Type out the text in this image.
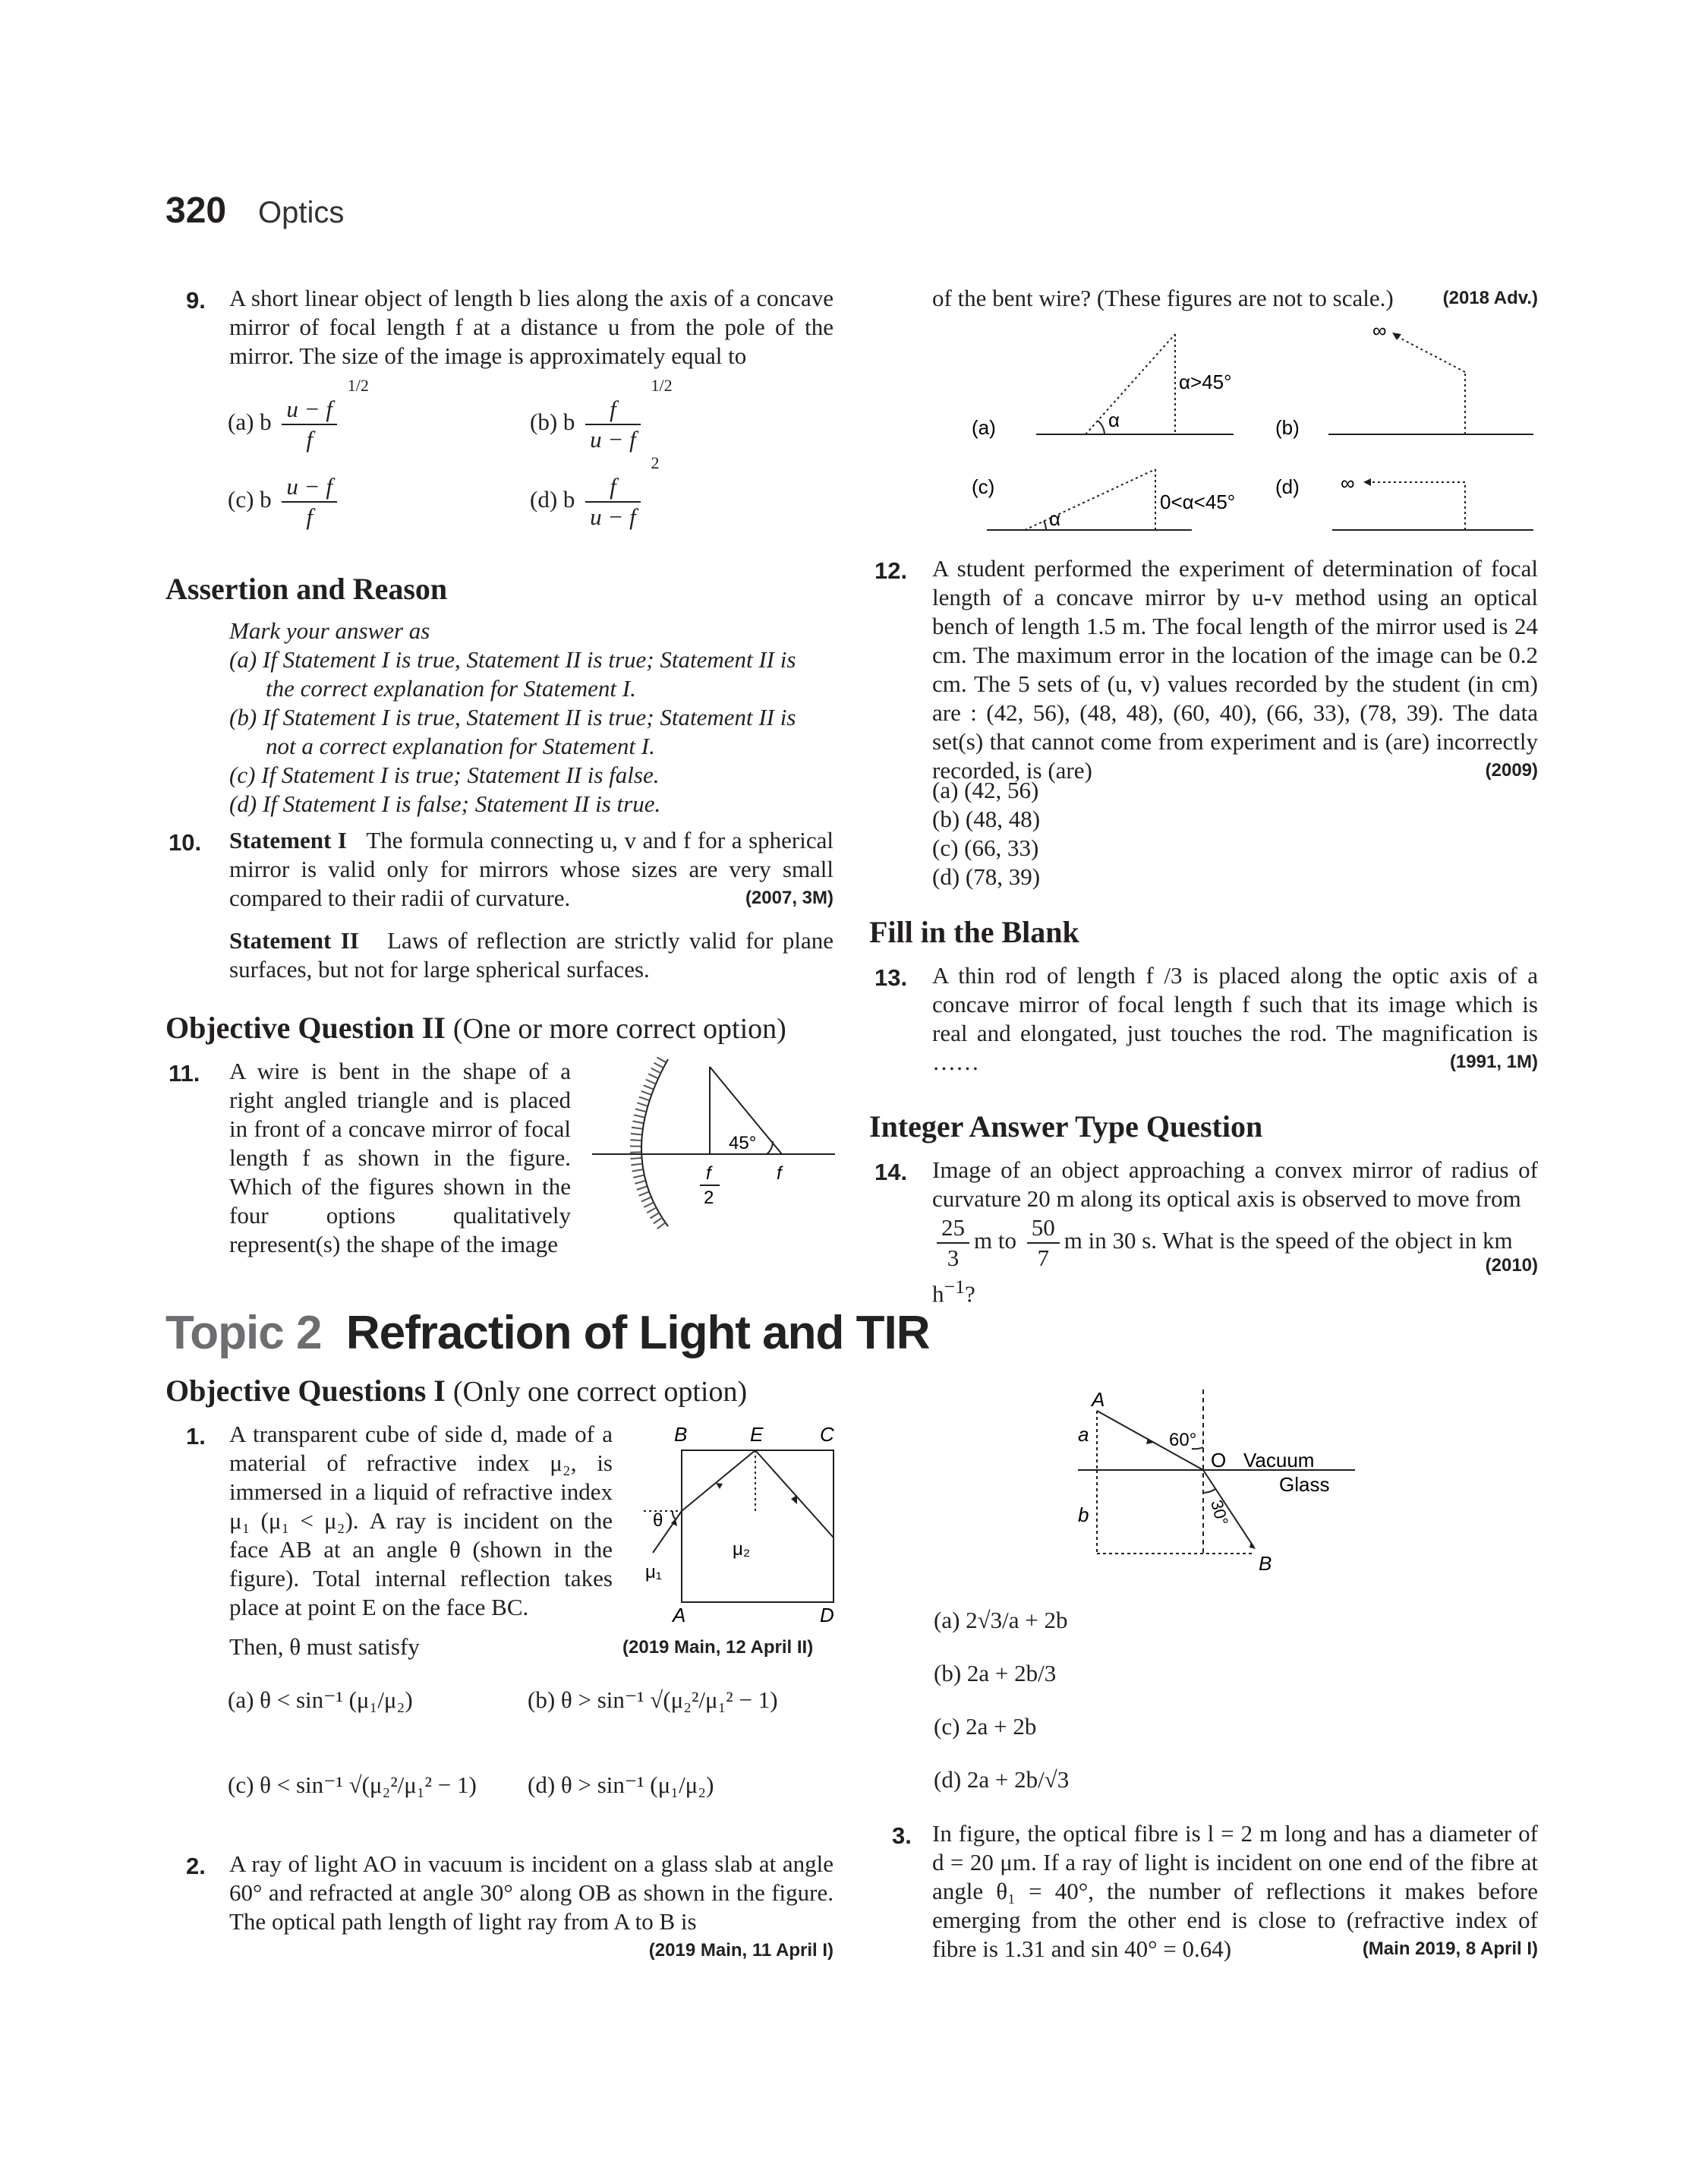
320 Optics
9. A short linear object of length b lies along the axis of a concave mirror of focal length f at a distance u from the pole of the mirror. The size of the image is approximately equal to
(a) b $\frac{u - f}{f}$
$^{1/2}$
(b) b $\frac{f}{u - f}$
$^{1/2}$
(c) b $\frac{u - f}{f}$	(d) b $\frac{f}{u - f}$
$^2$
Assertion and Reason
Mark your answer as
(a) If Statement I is true, Statement II is true; Statement II is
the correct explanation for Statement I.
(b) If Statement I is true, Statement II is true; Statement II is
not a correct explanation for Statement I.
(c) If Statement I is true; Statement II is false.
(d) If Statement I is false; Statement II is true.
10. Statement I The formula connecting u, v and f for a spherical mirror is valid only for mirrors whose sizes are very small compared to their radii of curvature.	(2007, 3M)
Statement II Laws of reflection are strictly valid for plane surfaces, but not for large spherical surfaces.
Objective Question II (One or more correct option)
11. A wire is bent in the shape of a right angled triangle and is placed in front of a concave mirror of focal length f as shown in the figure. Which of the figures shown in the four options qualitatively represent(s) the shape of the image
45°
f
2
f
of the bent wire? (These figures are not to scale.)	(2018 Adv.)
(a)
α>45°
α	(b)
∞
(c)
0<α<45°
α
(d) ∞
12. A student performed the experiment of determination of focal length of a concave mirror by u-v method using an optical bench of length 1.5 m. The focal length of the mirror used is 24 cm. The maximum error in the location of the image can be 0.2 cm. The 5 sets of (u, v) values recorded by the student (in cm) are : (42, 56), (48, 48), (60, 40), (66, 33), (78, 39). The data set(s) that cannot come from experiment and is (are) incorrectly recorded, is (are)	(2009)
(a) (42, 56)
(b) (48, 48)
(c) (66, 33)
(d) (78, 39)
Fill in the Blank
13. A thin rod of length f /3 is placed along the optic axis of a concave mirror of focal length f such that its image which is real and elongated, just touches the rod. The magnification is ……	(1991, 1M)
Integer Answer Type Question
14. Image of an object approaching a convex mirror of radius of curvature 20 m along its optical axis is observed to move from
$\frac{25}{3}$ m to $\frac{50}{7}$ m in 30 s. What is the speed of the object in km $h^{-1}$?
(2010)
Topic 2 Refraction of Light and TIR
Objective Questions I (Only one correct option)
1. A transparent cube of side d, made of a material of refractive index μ₂, is immersed in a liquid of refractive index μ₁ (μ₁ < μ₂). A ray is incident on the face AB at an angle θ (shown in the figure). Total internal reflection takes place at point E on the face BC.
B	E	C
A	D
θ
μ₂
μ₁
Then, θ must satisfy	(2019 Main, 12 April II)
(a) θ < sin⁻¹ (μ₁/μ₂)	(b) θ > sin⁻¹ √(μ₂²/μ₁² − 1)
(c) θ < sin⁻¹ √(μ₂²/μ₁² − 1) (d) θ > sin⁻¹ (μ₁/μ₂)
2. A ray of light AO in vacuum is incident on a glass slab at angle 60° and refracted at angle 30° along OB as shown in the figure. The optical path length of light ray from A to B is
(2019 Main, 11 April I)
A
a	60°
O Vacuum
Glass
b	30°
B
(a) 2√3/a + 2b
(b) 2a + 2b/3
(c) 2a + 2b
(d) 2a + 2b/√3
3. In figure, the optical fibre is l = 2 m long and has a diameter of d = 20 μm. If a ray of light is incident on one end of the fibre at angle θ₁ = 40°, the number of reflections it makes before emerging from the other end is close to (refractive index of fibre is 1.31 and sin 40° = 0.64)	(Main 2019, 8 April I)
